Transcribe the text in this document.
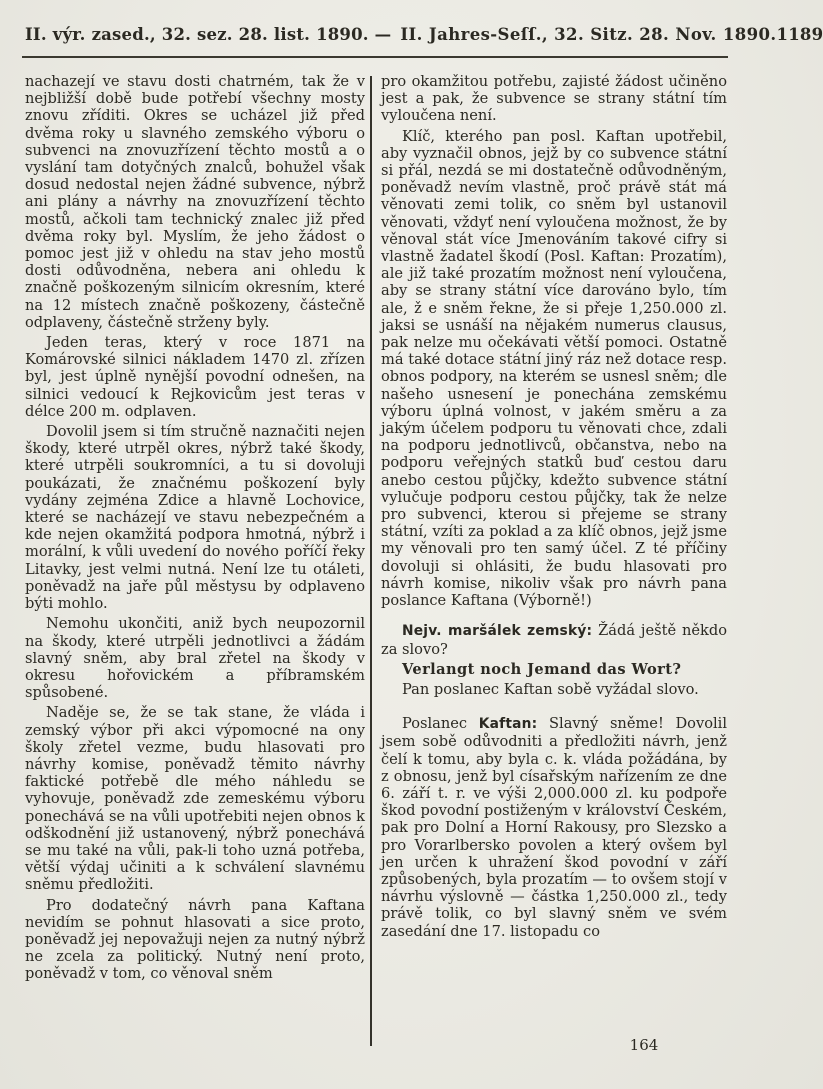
II. výr. zased., 32. sez. 28. list. 1890. — II. Jahres-Seſſ., 32. Sitz. 28. Nov. 1890. 1189

nachazejí ve stavu dosti chatrném, tak že v nejbližší době bude potřebí všechny mosty znovu zříditi. Okres se ucházel již před dvěma roky u slavného zemského výboru o subvenci na znovuzřízení těchto mostů a o vyslání tam dotyčných znalců, bohužel však dosud nedostal nejen žádné subvence, nýbrž ani plány a návrhy na znovuzřízení těchto mostů, ačkoli tam technický znalec již před dvěma roky byl. Myslím, že jeho žádost o pomoc jest již v ohledu na stav jeho mostů dosti odůvodněna, nebera ani ohledu k značně poškozeným silnicím okresním, které na 12 místech značně poškozeny, částečně odplaveny, částečně strženy byly.

Jeden teras, který v roce 1871 na Komárovské silnici nákladem 1470 zl. zřízen byl, jest úplně nynější povodní odnešen, na silnici vedoucí k Rejkovicům jest teras v délce 200 m. odplaven.

Dovolil jsem si tím stručně naznačiti nejen škody, které utrpěl okres, nýbrž také škody, které utrpěli soukromníci, a tu si dovoluji poukázati, že značnému poškození byly vydány zejména Zdice a hlavně Lochovice, které se nacházejí ve stavu nebezpečném a kde nejen okamžitá podpora hmotná, nýbrž i morální, k vůli uvedení do nového poříčí řeky Litavky, jest velmi nutná. Není lze tu otáleti, poněvadž na jaře půl městysu by odplaveno býti mohlo.

Nemohu ukončiti, aniž bych neupozornil na škody, které utrpěli jednotlivci a žádám slavný sněm, aby bral zřetel na škody v okresu hořovickém a příbramském spůsobené.

Naděje se, že se tak stane, že vláda i zemský výbor při akci výpomocné na ony školy zřetel vezme, budu hlasovati pro návrhy komise, poněvadž těmito návrhy faktické potřebě dle mého náhledu se vyhovuje, poněvadž zde zemeskému výboru ponechává se na vůli upotřebiti nejen obnos k odškodnění již ustanovený, nýbrž ponechává se mu také na vůli, pak-li toho uzná potřeba, větší výdaj učiniti a k schválení slavnému sněmu předložiti.

Pro dodatečný návrh pana Kaftana nevidím se pohnut hlasovati a sice proto, poněvadž jej nepovažuji nejen za nutný nýbrž ne zcela za politický. Nutný není proto, poněvadž v tom, co věnoval sněm

pro okamžitou potřebu, zajisté žádost učiněno jest a pak, že subvence se strany státní tím vyloučena není.

Klíč, kterého pan posl. Kaftan upotřebil, aby vyznačil obnos, jejž by co subvence státní si přál, nezdá se mi dostatečně odůvodněným, poněvadž nevím vlastně, proč právě stát má věnovati zemi tolik, co sněm byl ustanovil věnovati, vždyť není vyloučena možnost, že by věnoval stát více Jmenováním takové cifry si vlastně žadatel škodí (Posl. Kaftan: Prozatím), ale již také prozatím možnost není vyloučena, aby se strany státní více darováno bylo, tím ale, ž e sněm řekne, že si přeje 1,250.000 zl. jaksi se usnáší na nějakém numerus clausus, pak nelze mu očekávati větší pomoci. Ostatně má také dotace státní jiný ráz než dotace resp. obnos podpory, na kterém se usnesl sněm; dle našeho usnesení je ponechána zemskému výboru úplná volnost, v jakém směru a za jakým účelem podporu tu věnovati chce, zdali na podporu jednotlivců, občanstva, nebo na podporu veřejných statků buď cestou daru anebo cestou půjčky, kdežto subvence státní vylučuje podporu cestou půjčky, tak že nelze pro subvenci, kterou si přejeme se strany státní, vzíti za poklad a za klíč obnos, jejž jsme my věnovali pro ten samý účel. Z té příčiny dovoluji si ohlásiti, že budu hlasovati pro návrh komise, nikoliv však pro návrh pana poslance Kaftana (Výborně!)

Nejv. maršálek zemský: Žádá ještě někdo za slovo?

Verlangt noch Jemand das Wort?

Pan poslanec Kaftan sobě vyžádal slovo.

Poslanec Kaftan: Slavný sněme! Dovolil jsem sobě odůvodniti a předložiti návrh, jenž čelí k tomu, aby byla c. k. vláda požádána, by z obnosu, jenž byl císařským nařízením ze dne 6. září t. r. ve výši 2,000.000 zl. ku podpoře škod povodní postiženým v království Českém, pak pro Dolní a Horní Rakousy, pro Slezsko a pro Vorarlbersko povolen a který ovšem byl jen určen k uhražení škod povodní v září způsobených, byla prozatím — to ovšem stojí v návrhu výslovně — částka 1,250.000 zl., tedy právě tolik, co byl slavný sněm ve svém zasedání dne 17. listopadu co

164
